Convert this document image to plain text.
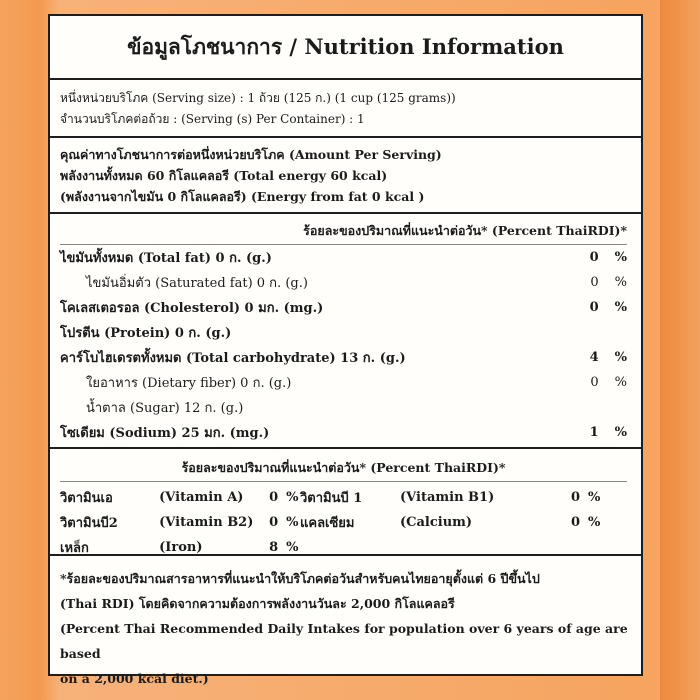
ข้อมูลโภชนาการ / Nutrition Information
หนึ่งหน่วยบริโภค (Serving size) : 1 ถ้วย (125 ก.) (1 cup (125 grams))
จำนวนบริโภคต่อถ้วย : (Serving (s) Per Container) : 1
คุณค่าทางโภชนาการต่อหนึ่งหน่วยบริโภค (Amount Per Serving)
พลังงานทั้งหมด 60 กิโลแคลอรี (Total energy 60 kcal)
(พลังงานจากไขมัน 0 กิโลแคลอรี) (Energy from fat 0 kcal )
ร้อยละของปริมาณที่แนะนำต่อวัน* (Percent ThaiRDI)*
ไขมันทั้งหมด (Total fat) 0 ก. (g.)	0	%
ไขมันอิ่มตัว (Saturated fat) 0 ก. (g.)	0	%
โคเลสเตอรอล (Cholesterol) 0 มก. (mg.)	0	%
โปรตีน (Protein) 0 ก. (g.)
คาร์โบไฮเดรตทั้งหมด (Total carbohydrate) 13 ก. (g.)	4	%
ใยอาหาร (Dietary fiber) 0 ก. (g.)	0	%
น้ำตาล (Sugar) 12 ก. (g.)
โซเดียม (Sodium) 25 มก. (mg.)	1	%
ร้อยละของปริมาณที่แนะนำต่อวัน* (Percent ThaiRDI)*
วิตามินเอ	(Vitamin A)	0 % วิตามินบี 1	(Vitamin B1)	0 %
วิตามินบี2	(Vitamin B2)	0 % แคลเซียม	(Calcium)	0 %
เหล็ก	(Iron)	8 %
*ร้อยละของปริมาณสารอาหารที่แนะนำให้บริโภคต่อวันสำหรับคนไทยอายุตั้งแต่ 6 ปีขึ้นไป
(Thai RDI) โดยคิดจากความต้องการพลังงานวันละ 2,000 กิโลแคลอรี
(Percent Thai Recommended Daily Intakes for population over 6 years of age are based
on a 2,000 kcal diet.)
